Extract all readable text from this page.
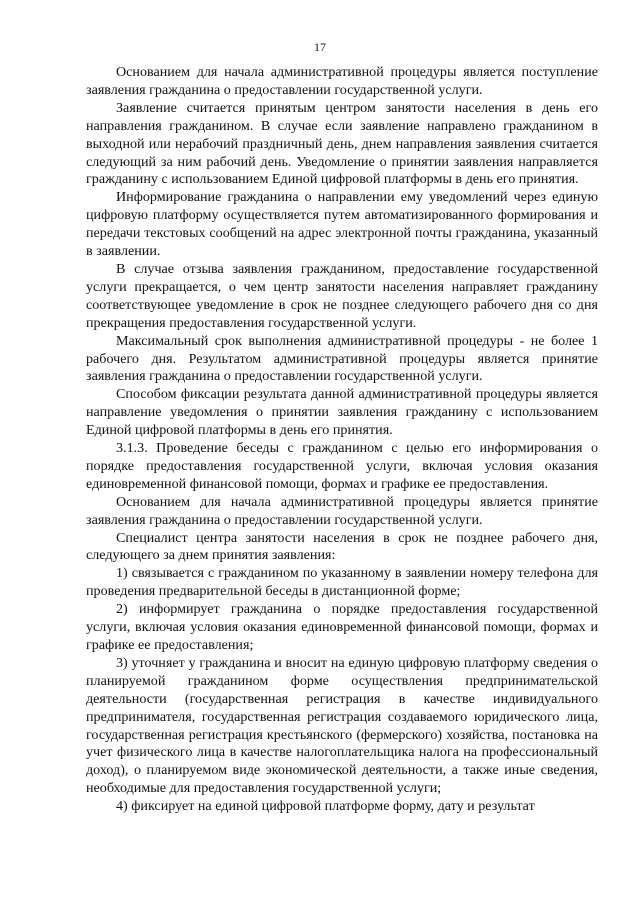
17

Основанием для начала административной процедуры является поступление заявления гражданина о предоставлении государственной услуги.

Заявление считается принятым центром занятости населения в день его направления гражданином. В случае если заявление направлено гражданином в выходной или нерабочий праздничный день, днем направления заявления считается следующий за ним рабочий день. Уведомление о принятии заявления направляется гражданину с использованием Единой цифровой платформы в день его принятия.

Информирование гражданина о направлении ему уведомлений через единую цифровую платформу осуществляется путем автоматизированного формирования и передачи текстовых сообщений на адрес электронной почты гражданина, указанный в заявлении.

В случае отзыва заявления гражданином, предоставление государственной услуги прекращается, о чем центр занятости населения направляет гражданину соответствующее уведомление в срок не позднее следующего рабочего дня со дня прекращения предоставления государственной услуги.

Максимальный срок выполнения административной процедуры - не более 1 рабочего дня. Результатом административной процедуры является принятие заявления гражданина о предоставлении государственной услуги.

Способом фиксации результата данной административной процедуры является направление уведомления о принятии заявления гражданину с использованием Единой цифровой платформы в день его принятия.

3.1.3. Проведение беседы с гражданином с целью его информирования о порядке предоставления государственной услуги, включая условия оказания единовременной финансовой помощи, формах и графике ее предоставления.

Основанием для начала административной процедуры является принятие заявления гражданина о предоставлении государственной услуги.

Специалист центра занятости населения в срок не позднее рабочего дня, следующего за днем принятия заявления:

1) связывается с гражданином по указанному в заявлении номеру телефона для проведения предварительной беседы в дистанционной форме;

2) информирует гражданина о порядке предоставления государственной услуги, включая условия оказания единовременной финансовой помощи, формах и графике ее предоставления;

3) уточняет у гражданина и вносит на единую цифровую платформу сведения о планируемой гражданином форме осуществления предпринимательской деятельности (государственная регистрация в качестве индивидуального предпринимателя, государственная регистрация создаваемого юридического лица, государственная регистрация крестьянского (фермерского) хозяйства, постановка на учет физического лица в качестве налогоплательщика налога на профессиональный доход), о планируемом виде экономической деятельности, а также иные сведения, необходимые для предоставления государственной услуги;

4) фиксирует на единой цифровой платформе форму, дату и результат
